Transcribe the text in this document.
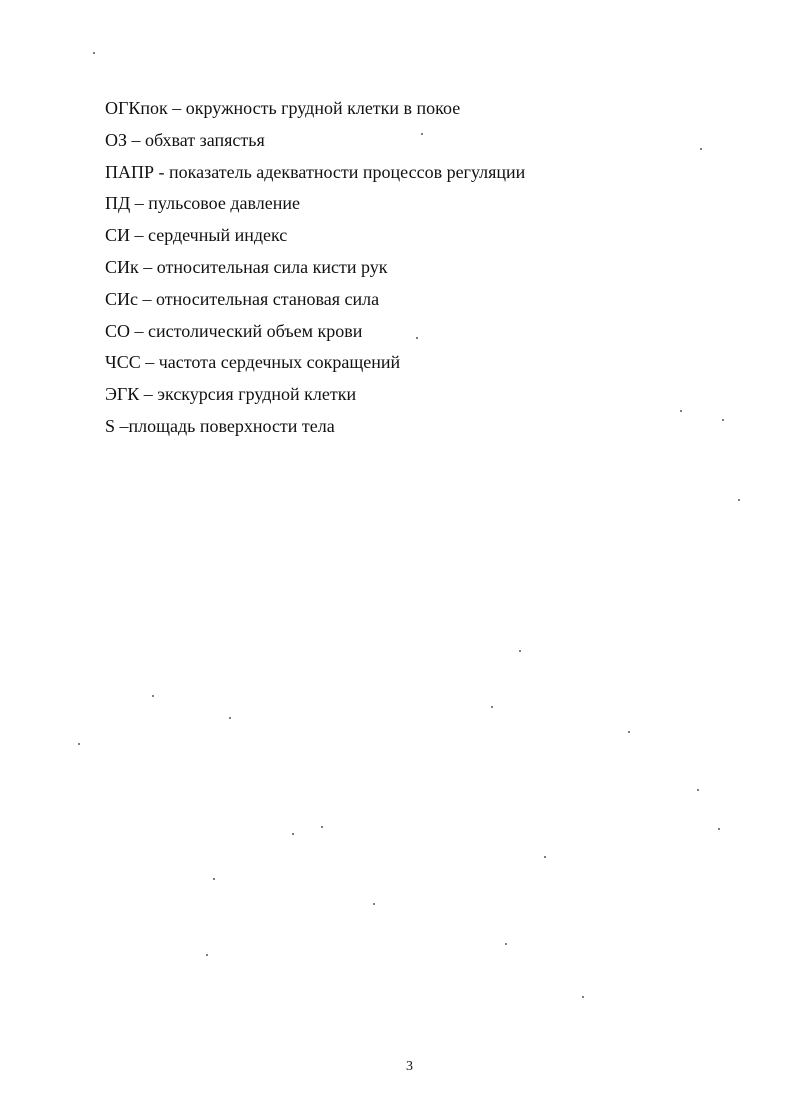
ОГКпок – окружность грудной клетки в покое
ОЗ – обхват запястья
ПАПР - показатель адекватности процессов регуляции
ПД – пульсовое давление
СИ – сердечный индекс
СИк – относительная сила кисти рук
СИс – относительная становая сила
СО – систолический объем крови
ЧСС – частота сердечных сокращений
ЭГК – экскурсия грудной клетки
S –площадь поверхности тела
3
